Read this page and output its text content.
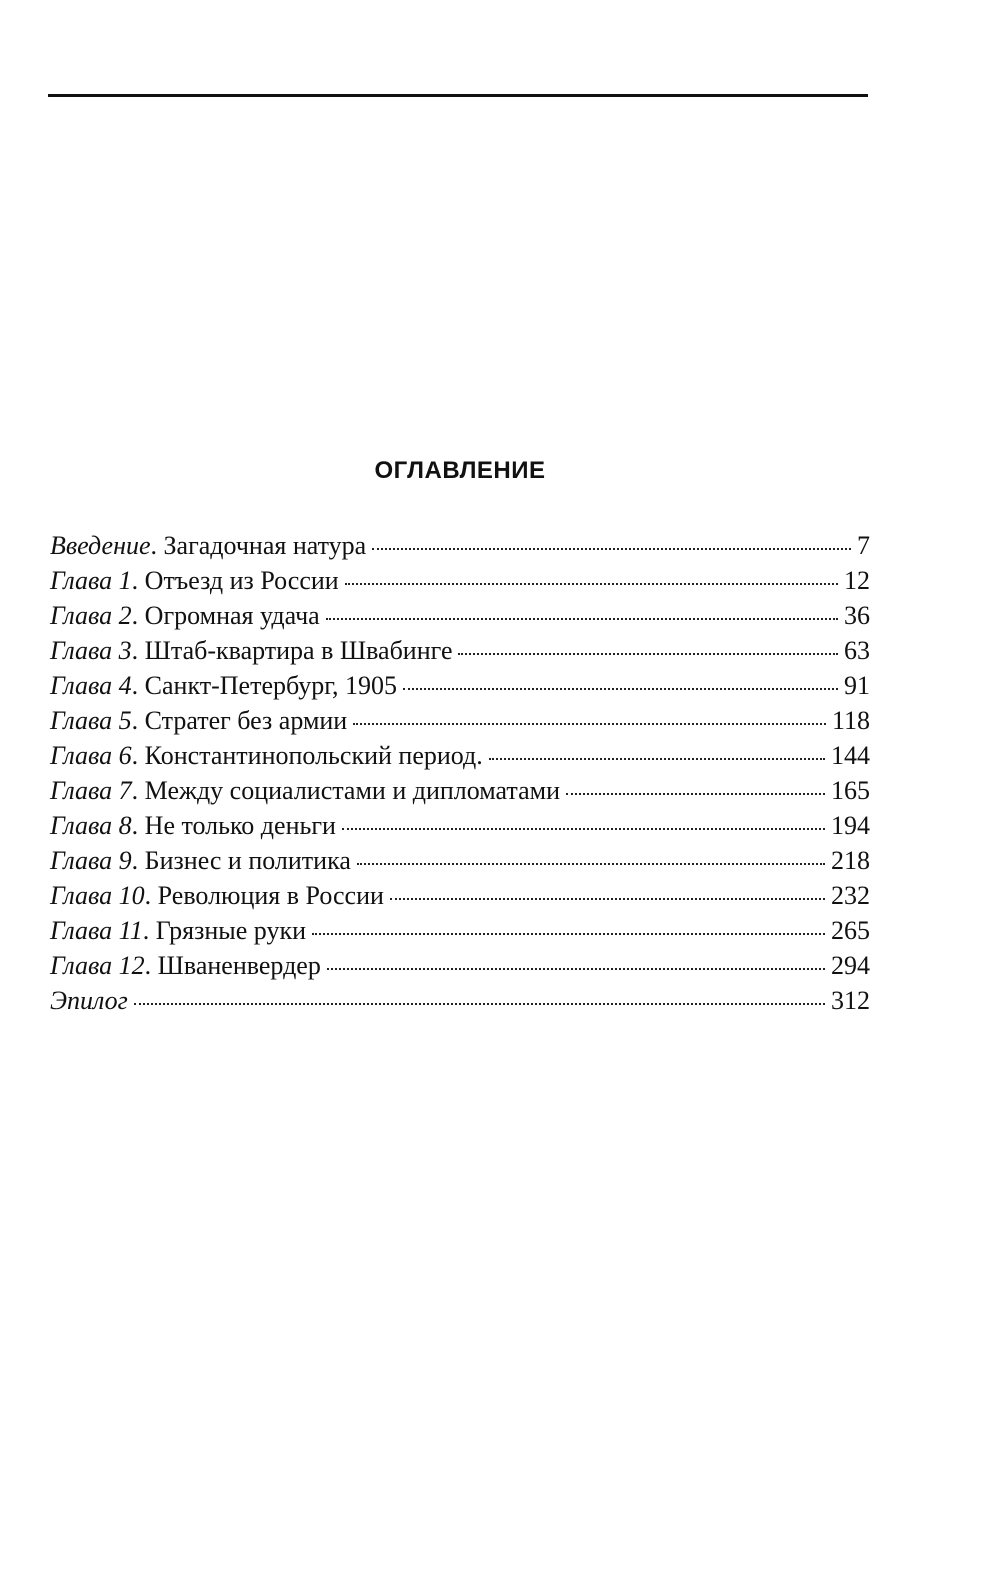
ОГЛАВЛЕНИЕ
Введение . Загадочная натура	7
Глава 1 . Отъезд из России	12
Глава 2 . Огромная удача	36
Глава 3 . Штаб-квартира в Швабинге	63
Глава 4 . Санкт-Петербург, 1905	91
Глава 5 . Стратег без армии	118
Глава 6 . Константинопольский период.	144
Глава 7 . Между социалистами и дипломатами	165
Глава 8 . Не только деньги	194
Глава 9 . Бизнес и политика	218
Глава 10 . Революция в России	232
Глава 11 . Грязные руки	265
Глава 12 . Шваненвердер	294
Эпилог	312
